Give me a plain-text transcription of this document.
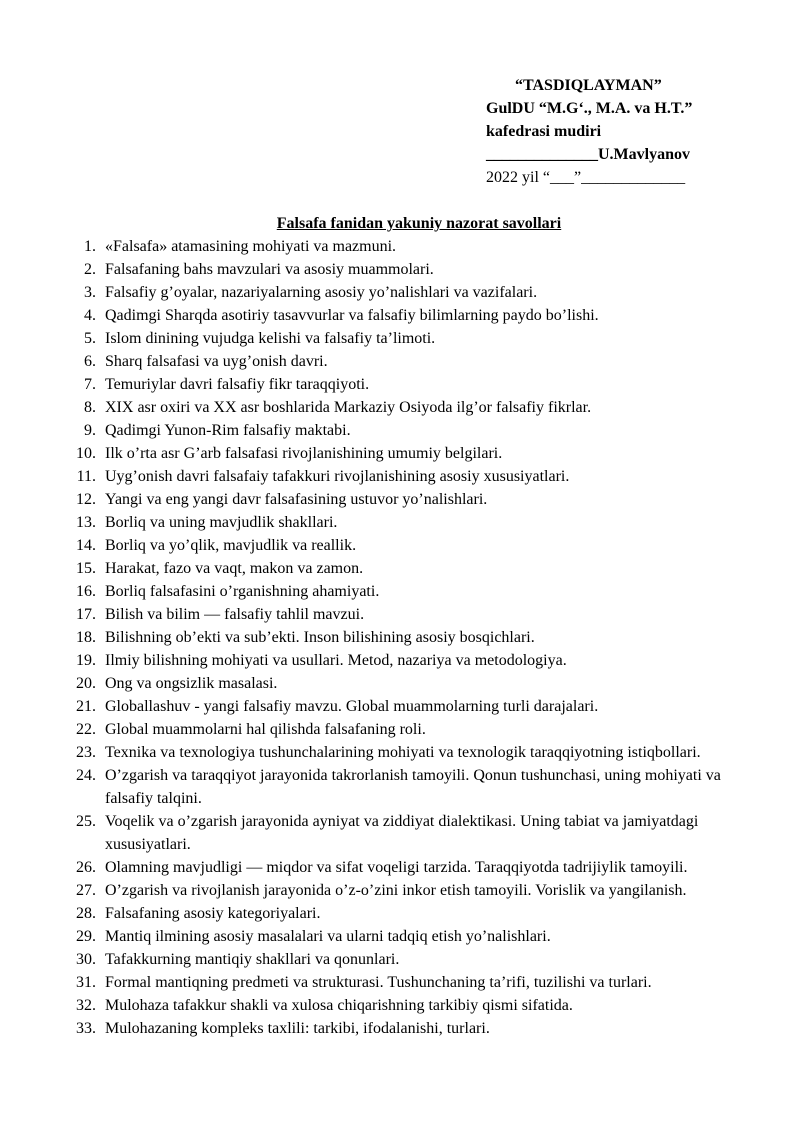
“TASDIQLAYMAN”
GulDU “M.G‘., M.A. va H.T.”
kafedrasi mudiri
______________U.Mavlyanov
2022 yil “___”_____________
Falsafa fanidan yakuniy nazorat savollari
1. «Falsafa» atamasining mohiyati va mazmuni.
2. Falsafaning bahs mavzulari va asosiy muammolari.
3. Falsafiy g’oyalar, nazariyalarning asosiy yo’nalishlari va vazifalari.
4. Qadimgi Sharqda asotiriy tasavvurlar va falsafiy bilimlarning paydo bo’lishi.
5. Islom dinining vujudga kelishi va falsafiy ta’limoti.
6. Sharq falsafasi va uyg’onish davri.
7. Temuriylar davri falsafiy fikr taraqqiyoti.
8. XIX asr oxiri va XX asr boshlarida Markaziy Osiyoda ilg’or falsafiy fikrlar.
9. Qadimgi Yunon-Rim falsafiy maktabi.
10. Ilk o’rta asr G’arb falsafasi rivojlanishining umumiy belgilari.
11. Uyg’onish davri falsafaiy tafakkuri rivojlanishining asosiy xususiyatlari.
12. Yangi va eng yangi davr falsafasining ustuvor yo’nalishlari.
13. Borliq va uning mavjudlik shakllari.
14. Borliq va yo’qlik, mavjudlik va reallik.
15. Harakat, fazo va vaqt, makon va zamon.
16. Borliq falsafasini o’rganishning ahamiyati.
17. Bilish va bilim — falsafiy tahlil mavzui.
18. Bilishning ob’ekti va sub’ekti. Inson bilishining asosiy bosqichlari.
19. Ilmiy bilishning mohiyati va usullari. Metod, nazariya va metodologiya.
20. Ong va ongsizlik masalasi.
21. Globallashuv - yangi falsafiy mavzu. Global muammolarning turli darajalari.
22. Global muammolarni hal qilishda falsafaning roli.
23. Texnika va texnologiya tushunchalarining mohiyati va texnologik taraqqiyotning istiqbollari.
24. O’zgarish va taraqqiyot jarayonida takrorlanish tamoyili. Qonun tushunchasi, uning mohiyati va falsafiy talqini.
25. Voqelik va o’zgarish jarayonida ayniyat va ziddiyat dialektikasi. Uning tabiat va jamiyatdagi xususiyatlari.
26. Olamning mavjudligi — miqdor va sifat voqeligi tarzida. Taraqqiyotda tadrijiylik tamoyili.
27. O’zgarish va rivojlanish jarayonida o’z-o’zini inkor etish tamoyili. Vorislik va yangilanish.
28. Falsafaning asosiy kategoriyalari.
29. Mantiq ilmining asosiy masalalari va ularni tadqiq etish yo’nalishlari.
30. Tafakkurning mantiqiy shakllari va qonunlari.
31. Formal mantiqning predmeti va strukturasi. Tushunchaning ta’rifi, tuzilishi va turlari.
32. Mulohaza tafakkur shakli va xulosa chiqarishning tarkibiy qismi sifatida.
33. Mulohazaning kompleks taxlili: tarkibi, ifodalanishi, turlari.
